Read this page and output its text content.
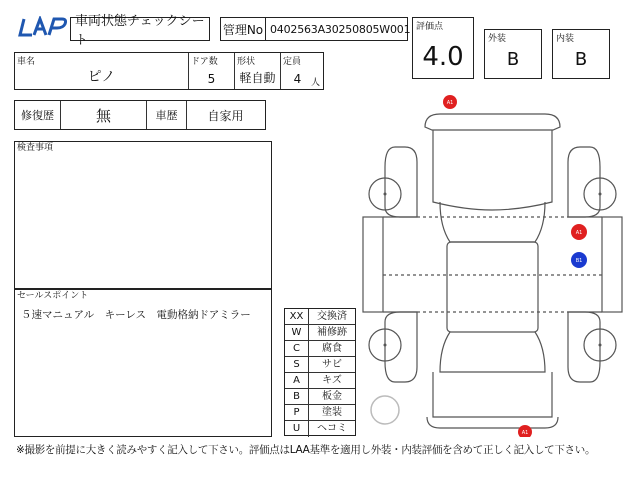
車両状態チェックシート
管理No 0402563A30250805W001 評価点
4.0
外装
B
内装
B
車名
ピノ
ドア数
5
形状
軽自動
定員
4	人
修復歴	無	車歴	自家用
検査事項
セールスポイント
５速マニュアル　キーレス　電動格納ドアミラー	XX	交換済
W	補修跡
C	腐食
S	サビ
A	キズ
B	板金
P	塗装
U	ヘコミ
A1
A1
B1
A1
※撮影を前提に大きく読みやすく記入して下さい。評価点はLAA基準を適用し外装・内装評価を含めて正しく記入して下さい。
